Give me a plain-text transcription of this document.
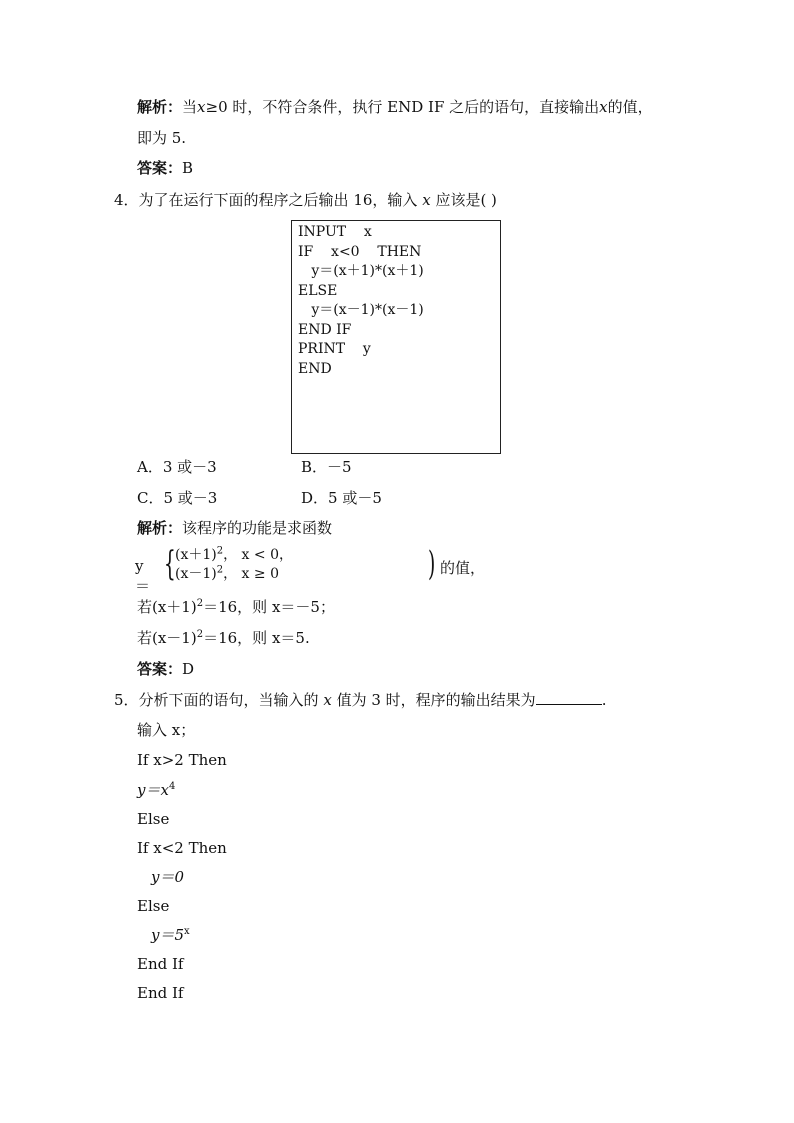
解析：当x≥0 时，不符合条件，执行 END IF 之后的语句，直接输出x的值，
即为 5.
答案：B
4．为了在运行下面的程序之后输出 16，输入 x 应该是( )
INPUT    x
IF    x<0    THEN
y＝(x＋1)*(x＋1)
ELSE
y＝(x－1)*(x－1)
END IF
PRINT    y
END
A．3 或－3	B．－5
C．5 或－3	D．5 或－5
解析：该程序的功能是求函数
y＝
{ $(x+1)^2$， x < 0，
$(x-1)^2$， x ≥ 0	) 的值，
若$(x+1)^2=16$，则 x＝－5；
若$(x-1)^2=16$，则 x＝5.
答案：D
5．分析下面的语句，当输入的 x 值为 3 时，程序的输出结果为	.
输入 x；
If x>2 Then
$y=x^4$
Else
If x<2 Then
y＝0
Else
$y=5^x$
End If
End If
